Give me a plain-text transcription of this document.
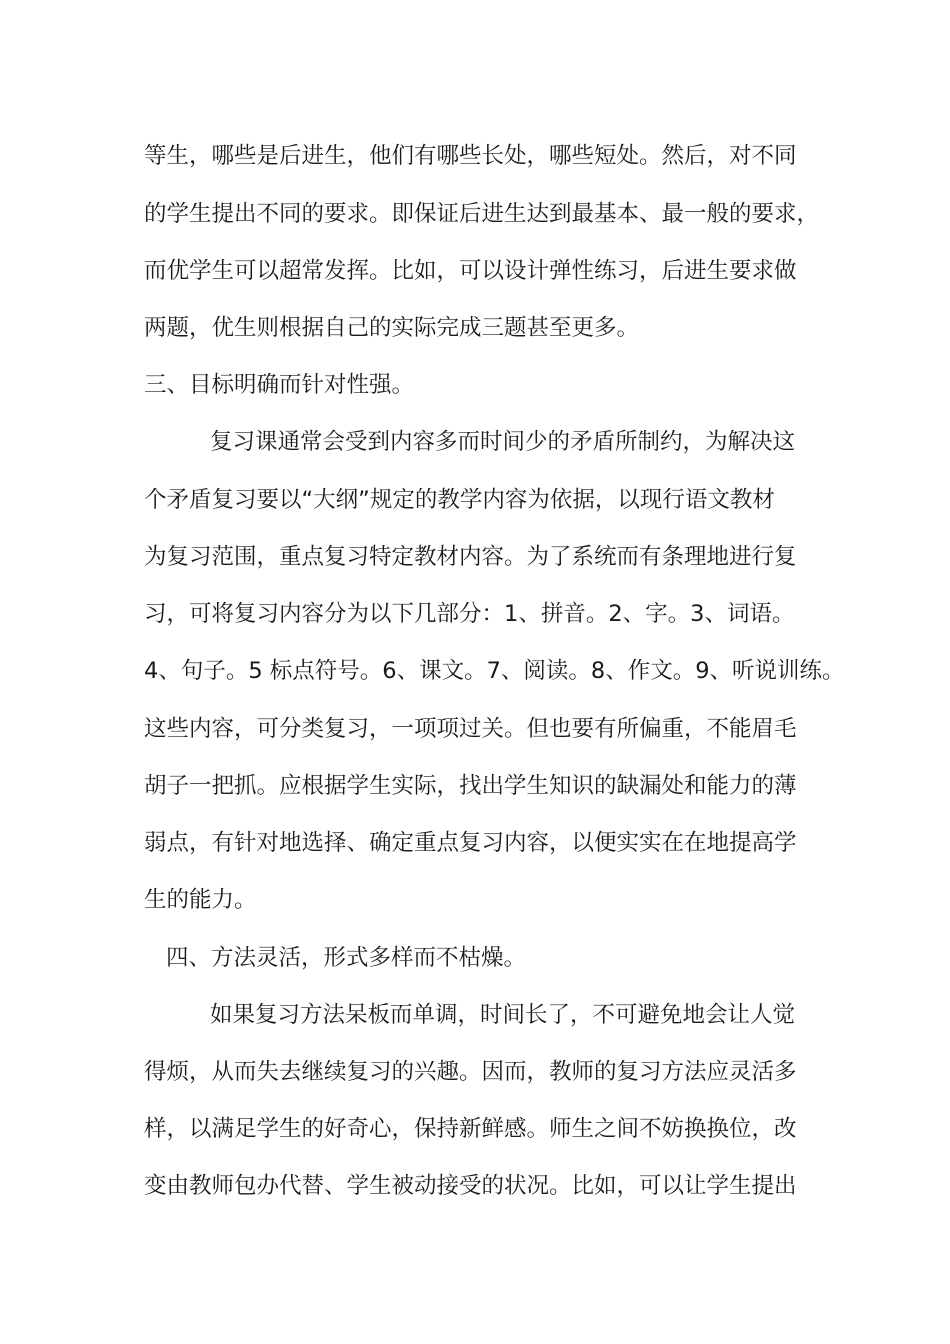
等生，哪些是后进生，他们有哪些长处，哪些短处。然后，对不同
的学生提出不同的要求。即保证后进生达到最基本、最一般的要求，
而优学生可以超常发挥。比如，可以设计弹性练习，后进生要求做
两题，优生则根据自己的实际完成三题甚至更多。
三、目标明确而针对性强。
复习课通常会受到内容多而时间少的矛盾所制约，为解决这
个矛盾复习要以“大纲”规定的教学内容为依据，以现行语文教材
为复习范围，重点复习特定教材内容。为了系统而有条理地进行复
习，可将复习内容分为以下几部分：1、拼音。2、字。3、词语。
4、句子。5 标点符号。6、课文。7、阅读。8、作文。9、听说训练。
这些内容，可分类复习，一项项过关。但也要有所偏重，不能眉毛
胡子一把抓。应根据学生实际，找出学生知识的缺漏处和能力的薄
弱点，有针对地选择、确定重点复习内容，以便实实在在地提高学
生的能力。
四、方法灵活，形式多样而不枯燥。
如果复习方法呆板而单调，时间长了，不可避免地会让人觉
得烦，从而失去继续复习的兴趣。因而，教师的复习方法应灵活多
样，以满足学生的好奇心，保持新鲜感。师生之间不妨换换位，改
变由教师包办代替、学生被动接受的状况。比如，可以让学生提出
